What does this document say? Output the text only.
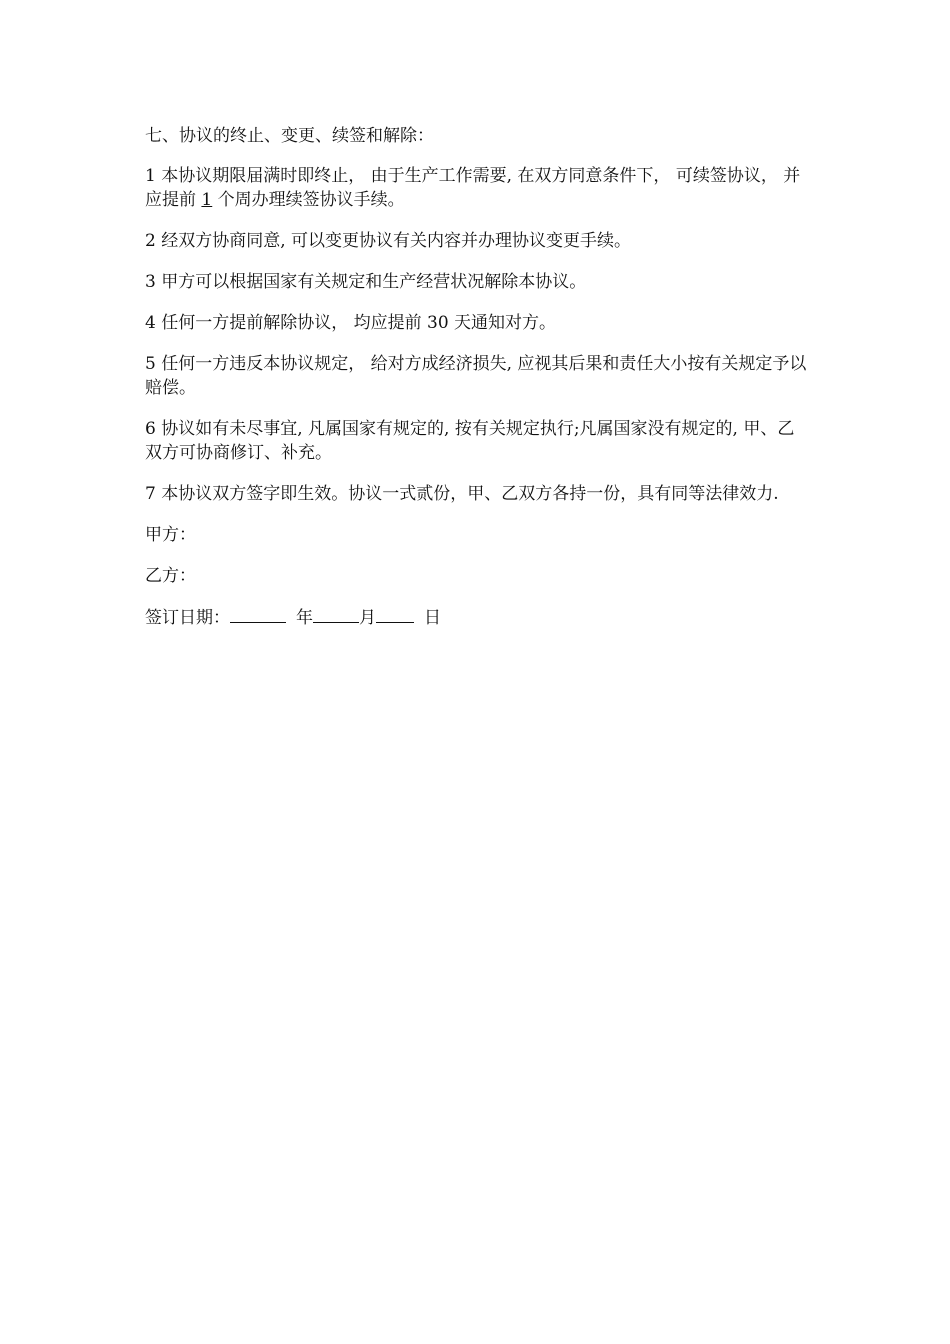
七、协议的终止、变更、续签和解除：

1 本协议期限届满时即终止， 由于生产工作需要, 在双方同意条件下， 可续签协议， 并应提前 1 个周办理续签协议手续。

2 经双方协商同意, 可以变更协议有关内容并办理协议变更手续。

3 甲方可以根据国家有关规定和生产经营状况解除本协议。

4 任何一方提前解除协议， 均应提前 30 天通知对方。

5 任何一方违反本协议规定， 给对方成经济损失, 应视其后果和责任大小按有关规定予以赔偿。

6 协议如有未尽事宜, 凡属国家有规定的, 按有关规定执行;凡属国家没有规定的, 甲、乙双方可协商修订、补充。

7 本协议双方签字即生效。协议一式贰份，甲、乙双方各持一份，具有同等法律效力.

甲方：

乙方：

签订日期：	年	月	日
